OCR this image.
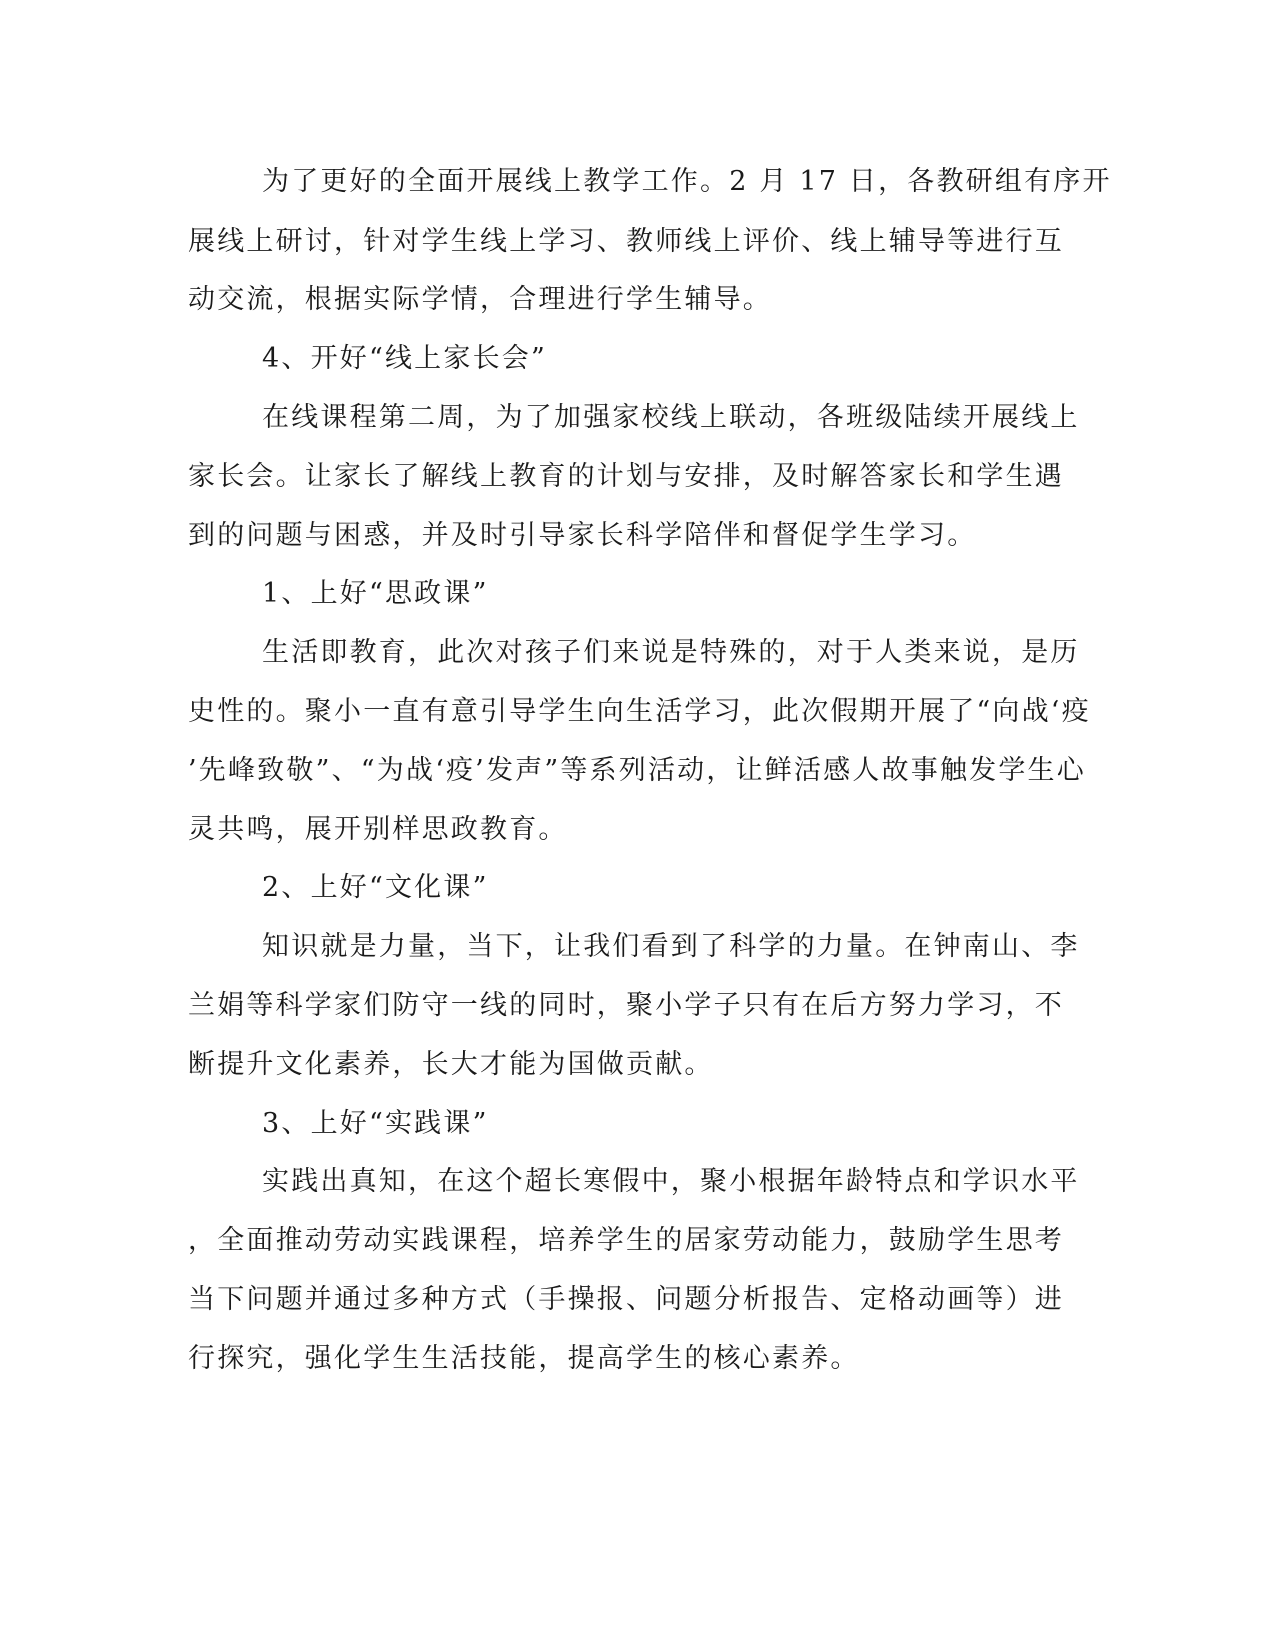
为了更好的全面开展线上教学工作。2 月 17 日，各教研组有序开

展线上研讨，针对学生线上学习、教师线上评价、线上辅导等进行互

动交流，根据实际学情，合理进行学生辅导。

4、开好“线上家长会”

在线课程第二周，为了加强家校线上联动，各班级陆续开展线上

家长会。让家长了解线上教育的计划与安排，及时解答家长和学生遇

到的问题与困惑，并及时引导家长科学陪伴和督促学生学习。

1、上好“思政课”

生活即教育，此次对孩子们来说是特殊的，对于人类来说，是历

史性的。聚小一直有意引导学生向生活学习，此次假期开展了“向战‘疫

’先峰致敬”、“为战‘疫’发声”等系列活动，让鲜活感人故事触发学生心

灵共鸣，展开别样思政教育。

2、上好“文化课”

知识就是力量，当下，让我们看到了科学的力量。在钟南山、李

兰娟等科学家们防守一线的同时，聚小学子只有在后方努力学习，不

断提升文化素养，长大才能为国做贡献。

3、上好“实践课”

实践出真知，在这个超长寒假中，聚小根据年龄特点和学识水平

，全面推动劳动实践课程，培养学生的居家劳动能力，鼓励学生思考

当下问题并通过多种方式（手操报、问题分析报告、定格动画等）进

行探究，强化学生生活技能，提高学生的核心素养。
